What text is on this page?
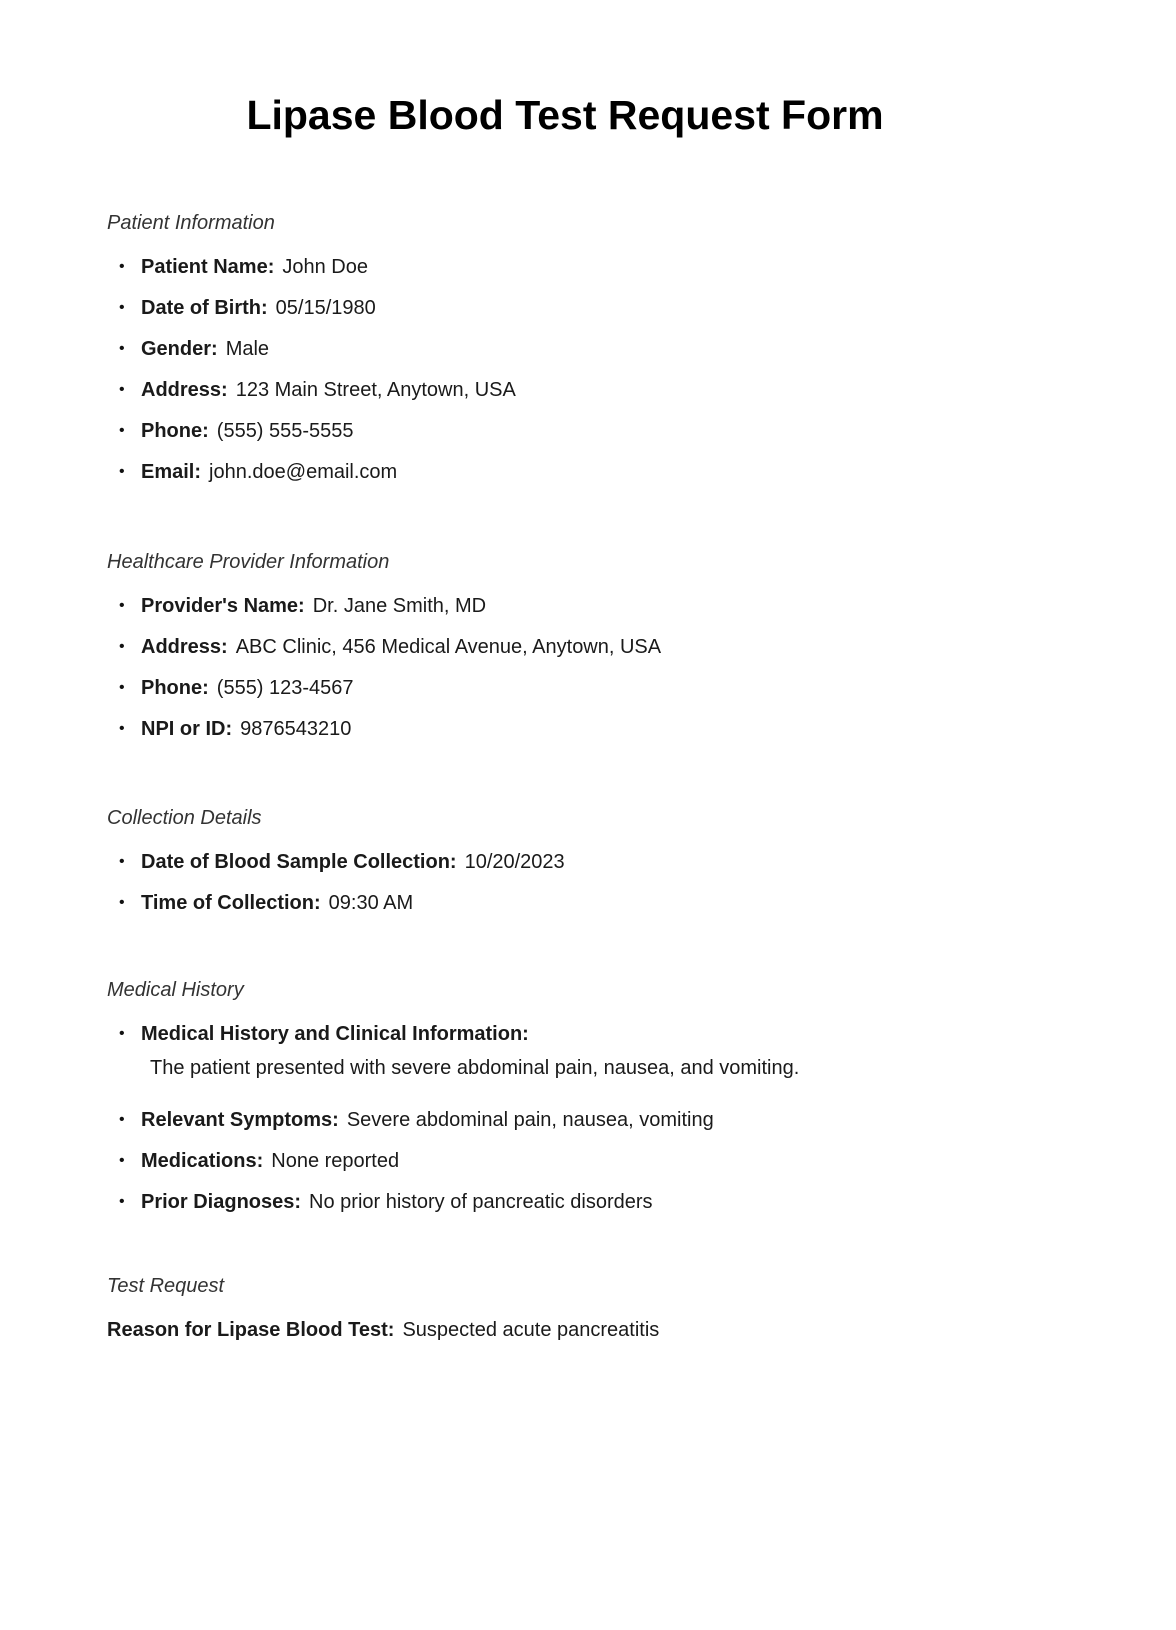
Lipase Blood Test Request Form
Patient Information
• Patient Name: John Doe
• Date of Birth: 05/15/1980
• Gender: Male
• Address: 123 Main Street, Anytown, USA
• Phone: (555) 555-5555
• Email: john.doe@email.com
Healthcare Provider Information
• Provider's Name: Dr. Jane Smith, MD
• Address: ABC Clinic, 456 Medical Avenue, Anytown, USA
• Phone: (555) 123-4567
• NPI or ID: 9876543210
Collection Details
• Date of Blood Sample Collection: 10/20/2023
• Time of Collection: 09:30 AM
Medical History
• Medical History and Clinical Information:
The patient presented with severe abdominal pain, nausea, and vomiting.
• Relevant Symptoms: Severe abdominal pain, nausea, vomiting
• Medications: None reported
• Prior Diagnoses: No prior history of pancreatic disorders
Test Request
Reason for Lipase Blood Test: Suspected acute pancreatitis
